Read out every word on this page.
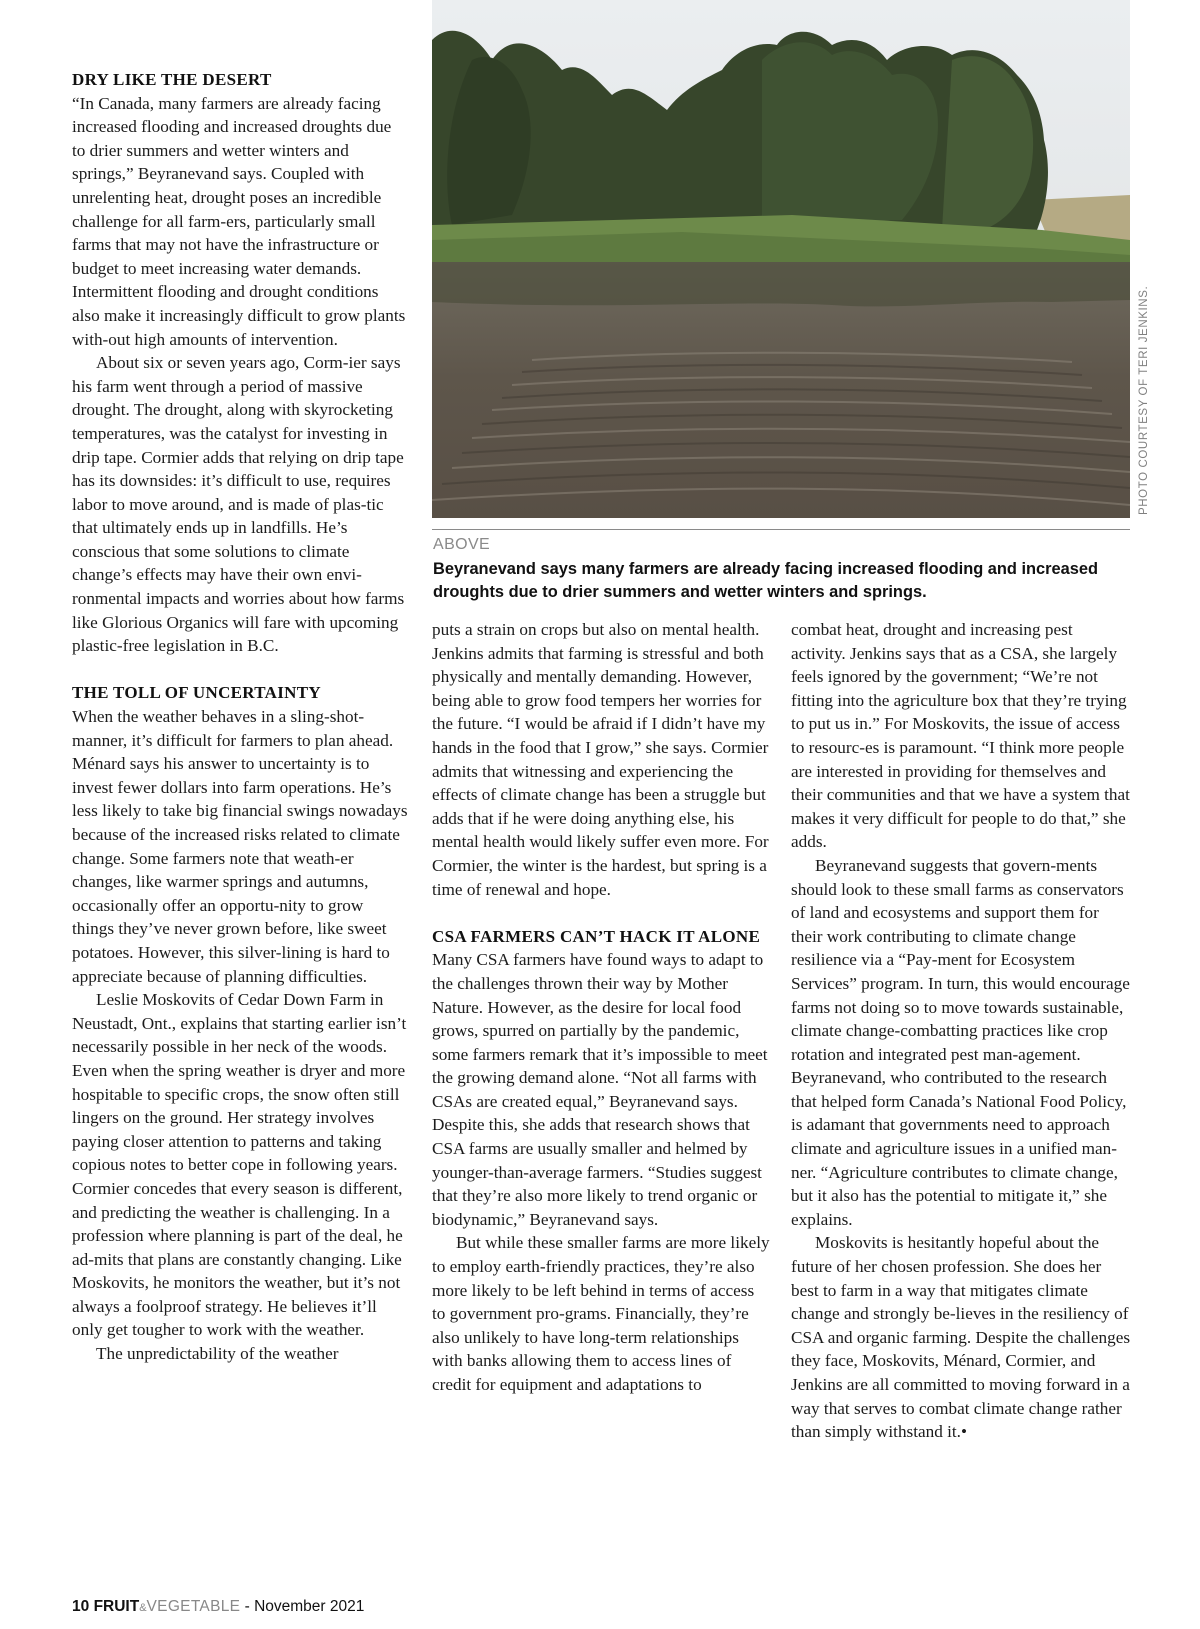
DRY LIKE THE DESERT

“In Canada, many farmers are already facing increased flooding and increased droughts due to drier summers and wetter winters and springs,” Beyranevand says. Coupled with unrelenting heat, drought poses an incredible challenge for all farm-ers, particularly small farms that may not have the infrastructure or budget to meet increasing water demands. Intermittent flooding and drought conditions also make it increasingly difficult to grow plants with-out high amounts of intervention.

About six or seven years ago, Corm-ier says his farm went through a period of massive drought. The drought, along with skyrocketing temperatures, was the catalyst for investing in drip tape. Cormier adds that relying on drip tape has its downsides: it’s difficult to use, requires labor to move around, and is made of plas-tic that ultimately ends up in landfills. He’s conscious that some solutions to climate change’s effects may have their own envi-ronmental impacts and worries about how farms like Glorious Organics will fare with upcoming plastic-free legislation in B.C.

THE TOLL OF UNCERTAINTY

When the weather behaves in a sling-shot-manner, it’s difficult for farmers to plan ahead. Ménard says his answer to uncertainty is to invest fewer dollars into farm operations. He’s less likely to take big financial swings nowadays because of the increased risks related to climate change. Some farmers note that weath-er changes, like warmer springs and autumns, occasionally offer an opportu-nity to grow things they’ve never grown before, like sweet potatoes. However, this silver-lining is hard to appreciate because of planning difficulties.

Leslie Moskovits of Cedar Down Farm in Neustadt, Ont., explains that starting earlier isn’t necessarily possible in her neck of the woods. Even when the spring weather is dryer and more hospitable to specific crops, the snow often still lingers on the ground. Her strategy involves paying closer attention to patterns and taking copious notes to better cope in following years. Cormier concedes that every season is different, and predicting the weather is challenging. In a profession where planning is part of the deal, he ad-mits that plans are constantly changing. Like Moskovits, he monitors the weather, but it’s not always a foolproof strategy. He believes it’ll only get tougher to work with the weather.

The unpredictability of the weather

PHOTO COURTESY OF TERI JENKINS.
ABOVE
Beyranevand says many farmers are already facing increased flooding and increased droughts due to drier summers and wetter winters and springs.

puts a strain on crops but also on mental health. Jenkins admits that farming is stressful and both physically and mentally demanding. However, being able to grow food tempers her worries for the future. “I would be afraid if I didn’t have my hands in the food that I grow,” she says. Cormier admits that witnessing and experiencing the effects of climate change has been a struggle but adds that if he were doing anything else, his mental health would likely suffer even more. For Cormier, the winter is the hardest, but spring is a time of renewal and hope.

CSA FARMERS CAN’T HACK IT ALONE

Many CSA farmers have found ways to adapt to the challenges thrown their way by Mother Nature. However, as the desire for local food grows, spurred on partially by the pandemic, some farmers remark that it’s impossible to meet the growing demand alone. “Not all farms with CSAs are created equal,” Beyranevand says. Despite this, she adds that research shows that CSA farms are usually smaller and helmed by younger-than-average farmers. “Studies suggest that they’re also more likely to trend organic or biodynamic,” Beyranevand says.

But while these smaller farms are more likely to employ earth-friendly practices, they’re also more likely to be left behind in terms of access to government pro-grams. Financially, they’re also unlikely to have long-term relationships with banks allowing them to access lines of credit for equipment and adaptations to

combat heat, drought and increasing pest activity. Jenkins says that as a CSA, she largely feels ignored by the government; “We’re not fitting into the agriculture box that they’re trying to put us in.” For Moskovits, the issue of access to resourc-es is paramount. “I think more people are interested in providing for themselves and their communities and that we have a system that makes it very difficult for people to do that,” she adds.

Beyranevand suggests that govern-ments should look to these small farms as conservators of land and ecosystems and support them for their work contributing to climate change resilience via a “Pay-ment for Ecosystem Services” program. In turn, this would encourage farms not doing so to move towards sustainable, climate change-combatting practices like crop rotation and integrated pest man-agement. Beyranevand, who contributed to the research that helped form Canada’s National Food Policy, is adamant that governments need to approach climate and agriculture issues in a unified man-ner. “Agriculture contributes to climate change, but it also has the potential to mitigate it,” she explains.

Moskovits is hesitantly hopeful about the future of her chosen profession. She does her best to farm in a way that mitigates climate change and strongly be-lieves in the resiliency of CSA and organic farming. Despite the challenges they face, Moskovits, Ménard, Cormier, and Jenkins are all committed to moving forward in a way that serves to combat climate change rather than simply withstand it.•

10 FRUIT&VEGETABLE - November 2021
